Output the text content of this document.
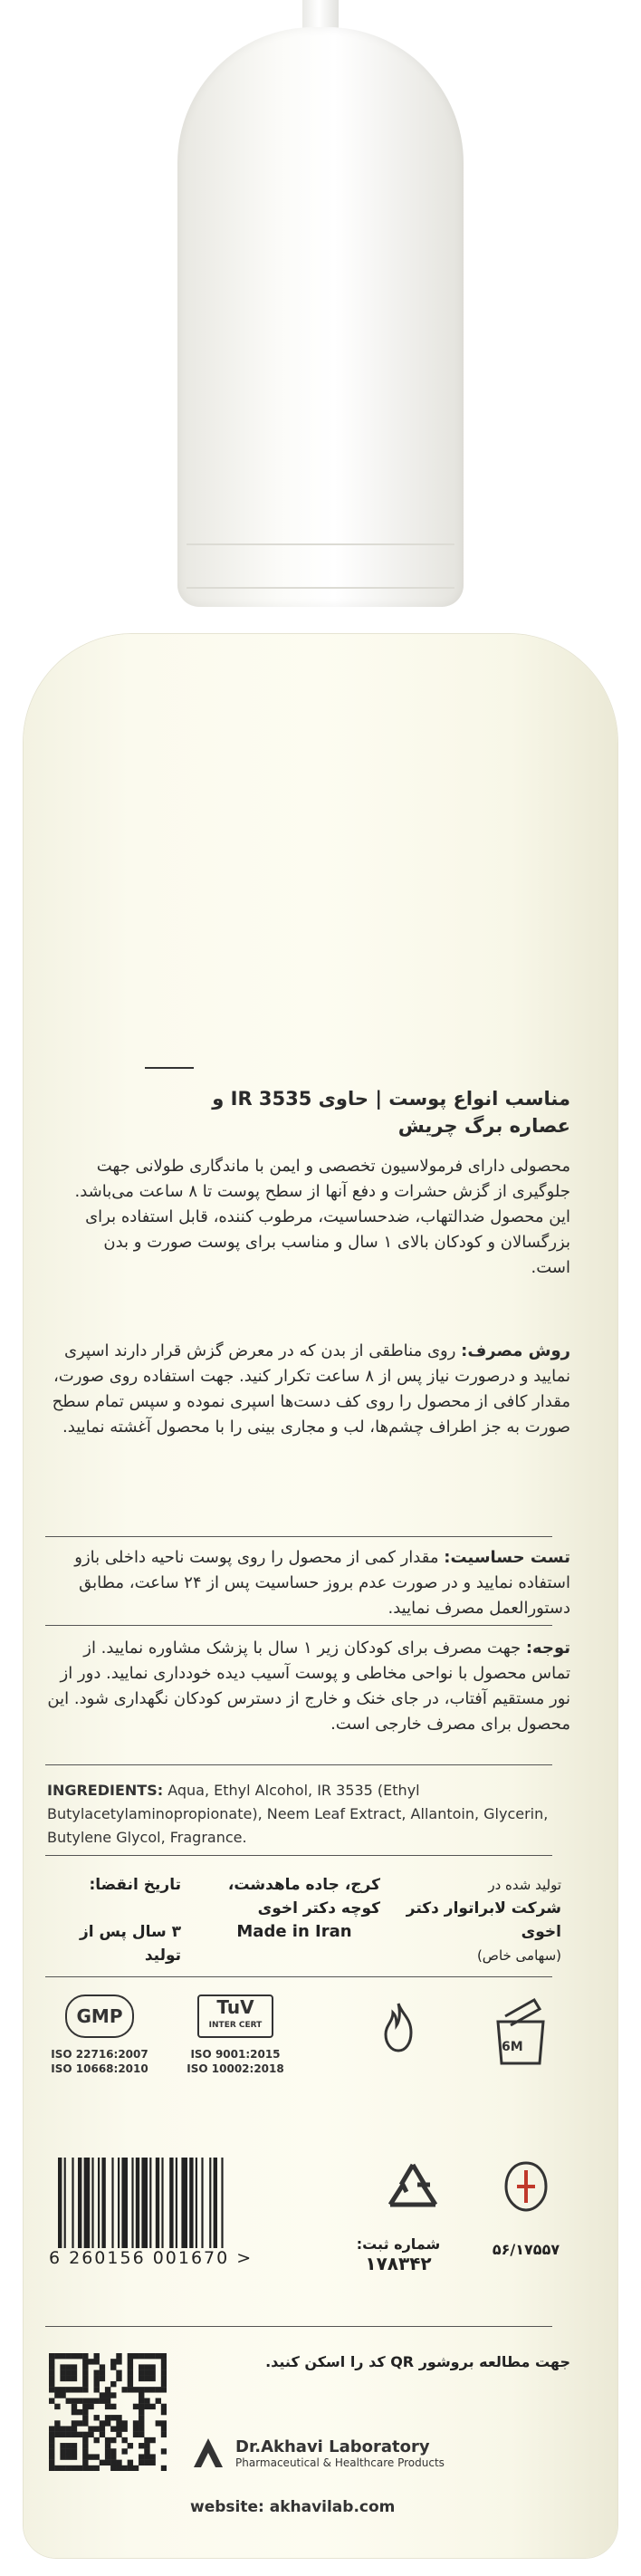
مناسب انواع پوست | حاوی IR 3535 و
عصاره برگ چریش
محصولی دارای فرمولاسیون تخصصی و ایمن با ماندگاری طولانی جهت جلوگیری از گزش حشرات و دفع آنها از سطح پوست تا ۸ ساعت می‌باشد. این محصول ضدالتهاب، ضدحساسیت، مرطوب کننده، قابل استفاده برای بزرگسالان و کودکان بالای ۱ سال و مناسب برای پوست صورت و بدن است.
روش مصرف: روی مناطقی از بدن که در معرض گزش قرار دارند اسپری نمایید و درصورت نیاز پس از ۸ ساعت تکرار کنید. جهت استفاده روی صورت، مقدار کافی از محصول را روی کف دست‌ها اسپری نموده و سپس تمام سطح صورت به جز اطراف چشم‌ها، لب و مجاری بینی را با محصول آغشته نمایید.
تست حساسیت: مقدار کمی از محصول را روی پوست ناحیه داخلی بازو استفاده نمایید و در صورت عدم بروز حساسیت پس از ۲۴ ساعت، مطابق دستورالعمل مصرف نمایید.
توجه: جهت مصرف برای کودکان زیر ۱ سال با پزشک مشاوره نمایید. از تماس محصول با نواحی مخاطی و پوست آسیب دیده خودداری نمایید. دور از نور مستقیم آفتاب، در جای خنک و خارج از دسترس کودکان نگهداری شود. این محصول برای مصرف خارجی است.
INGREDIENTS: Aqua, Ethyl Alcohol, IR 3535 (Ethyl Butylacetylaminopropionate), Neem Leaf Extract, Allantoin, Glycerin, Butylene Glycol, Fragrance.
تاریخ انقضا:
۳ سال پس از تولید
کرج، جاده ماهدشت،
کوچه دکتر اخوی
Made in Iran
تولید شده در
شرکت لابراتوار دکتر اخوی
(سهامی خاص)
GMP
ISO 22716:2007
ISO 10668:2010
TuV
INTER CERT
ISO 9001:2015
ISO 10002:2018
6M
6 260156 001670 >
شماره ثبت:
۱۷۸۳۴۲
۵۶/۱۷۵۵۷
جهت مطالعه بروشور QR کد را اسکن کنید.
Dr.Akhavi Laboratory
Pharmaceutical & Healthcare Products
website: akhavilab.com
